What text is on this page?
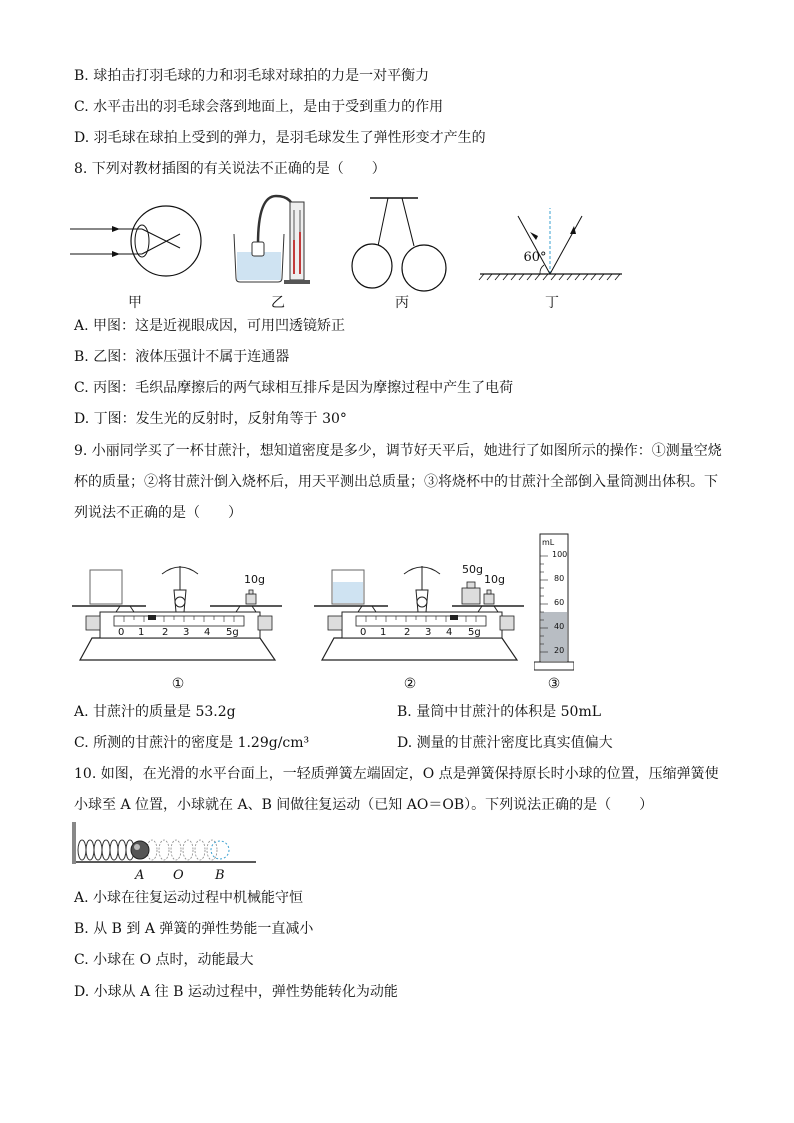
B. 球拍击打羽毛球的力和羽毛球对球拍的力是一对平衡力
C. 水平击出的羽毛球会落到地面上，是由于受到重力的作用
D. 羽毛球在球拍上受到的弹力，是羽毛球发生了弹性形变才产生的
8. 下列对教材插图的有关说法不正确的是（　　）
甲	乙	丙
60°
丁
A. 甲图：这是近视眼成因，可用凹透镜矫正
B. 乙图：液体压强计不属于连通器
C. 丙图：毛织品摩擦后的两气球相互排斥是因为摩擦过程中产生了电荷
D. 丁图：发生光的反射时，反射角等于 30°
9. 小丽同学买了一杯甘蔗汁，想知道密度是多少，调节好天平后，她进行了如图所示的操作：①测量空烧
杯的质量；②将甘蔗汁倒入烧杯后，用天平测出总质量；③将烧杯中的甘蔗汁全部倒入量筒测出体积。下
列说法不正确的是（　　）
10g
0 1 2 3 4 5g
①
50g
10g
0 1 2 3 4 5g
②
mL
100
80
60
40
20
③
A. 甘蔗汁的质量是 53.2g	B. 量筒中甘蔗汁的体积是 50mL
C. 所测的甘蔗汁的密度是 1.29g/cm³	D. 测量的甘蔗汁密度比真实值偏大
10. 如图，在光滑的水平台面上，一轻质弹簧左端固定，O 点是弹簧保持原长时小球的位置，压缩弹簧使
小球至 A 位置，小球就在 A、B 间做往复运动（已知 AO＝OB）。下列说法正确的是（　　）
A O B
A. 小球在往复运动过程中机械能守恒
B. 从 B 到 A 弹簧的弹性势能一直减小
C. 小球在 O 点时，动能最大
D. 小球从 A 往 B 运动过程中，弹性势能转化为动能
